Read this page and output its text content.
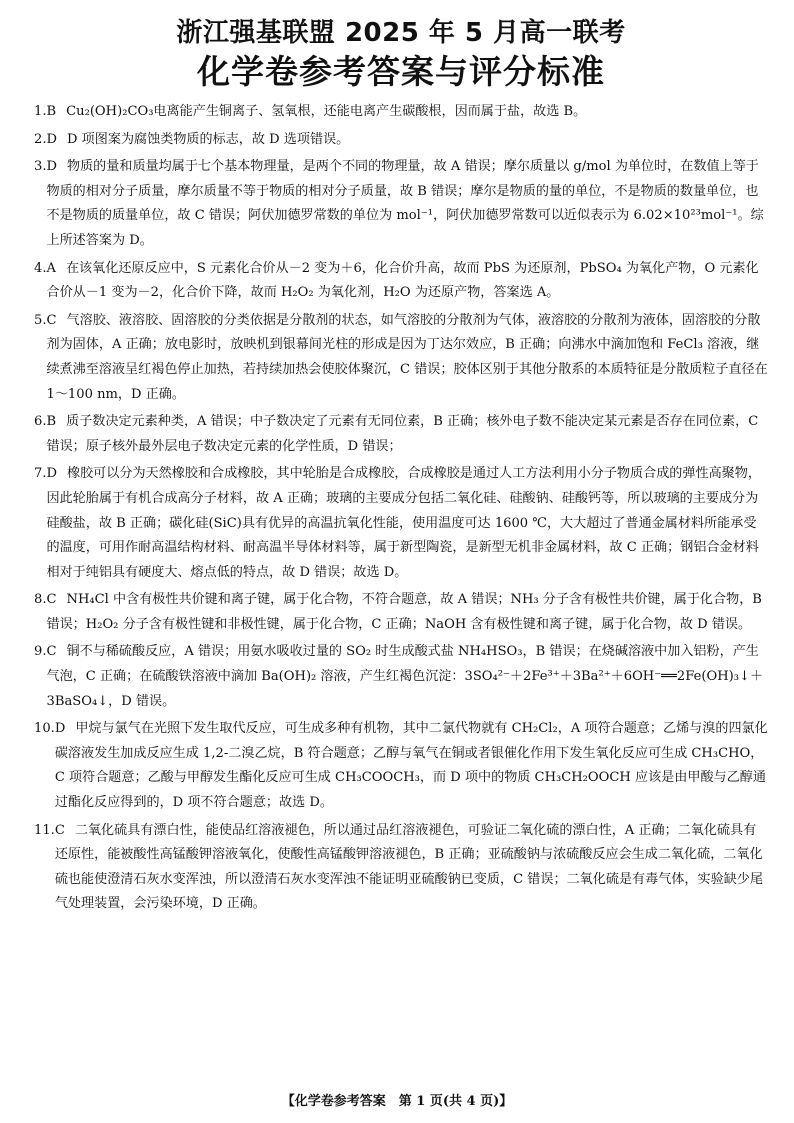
浙江强基联盟 2025 年 5 月高一联考
化学卷参考答案与评分标准
1. B Cu₂(OH)₂CO₃电离能产生铜离子、氢氧根，还能电离产生碳酸根，因而属于盐，故选 B。
2. D D 项图案为腐蚀类物质的标志，故 D 选项错误。
3. D 物质的量和质量均属于七个基本物理量，是两个不同的物理量，故 A 错误；摩尔质量以 g/mol 为单位时，在数值上等于物质的相对分子质量，摩尔质量不等于物质的相对分子质量，故 B 错误；摩尔是物质的量的单位，不是物质的数量单位，也不是物质的质量单位，故 C 错误；阿伏加德罗常数的单位为 mol⁻¹，阿伏加德罗常数可以近似表示为 6.02×10²³mol⁻¹。综上所述答案为 D。
4. A 在该氧化还原反应中，S 元素化合价从－2 变为＋6，化合价升高，故而 PbS 为还原剂，PbSO₄ 为氧化产物，O 元素化合价从－1 变为－2，化合价下降，故而 H₂O₂ 为氧化剂，H₂O 为还原产物，答案选 A。
5. C 气溶胶、液溶胶、固溶胶的分类依据是分散剂的状态，如气溶胶的分散剂为气体，液溶胶的分散剂为液体，固溶胶的分散剂为固体，A 正确；放电影时，放映机到银幕间光柱的形成是因为丁达尔效应，B 正确；向沸水中滴加饱和 FeCl₃ 溶液，继续煮沸至溶液呈红褐色停止加热，若持续加热会使胶体聚沉，C 错误；胶体区别于其他分散系的本质特征是分散质粒子直径在 1～100 nm，D 正确。
6. B 质子数决定元素种类，A 错误；中子数决定了元素有无同位素，B 正确；核外电子数不能决定某元素是否存在同位素，C 错误；原子核外最外层电子数决定元素的化学性质，D 错误；
7. D 橡胶可以分为天然橡胶和合成橡胶，其中轮胎是合成橡胶，合成橡胶是通过人工方法利用小分子物质合成的弹性高聚物，因此轮胎属于有机合成高分子材料，故 A 正确；玻璃的主要成分包括二氧化硅、硅酸钠、硅酸钙等，所以玻璃的主要成分为硅酸盐，故 B 正确；碳化硅(SiC)具有优异的高温抗氧化性能，使用温度可达 1600 ℃，大大超过了普通金属材料所能承受的温度，可用作耐高温结构材料、耐高温半导体材料等，属于新型陶瓷，是新型无机非金属材料，故 C 正确；钢铝合金材料相对于纯铝具有硬度大、熔点低的特点，故 D 错误；故选 D。
8. C NH₄Cl 中含有极性共价键和离子键，属于化合物，不符合题意，故 A 错误；NH₃ 分子含有极性共价键，属于化合物，B 错误；H₂O₂ 分子含有极性键和非极性键，属于化合物，C 正确；NaOH 含有极性键和离子键，属于化合物，故 D 错误。
9. C 铜不与稀硫酸反应，A 错误；用氨水吸收过量的 SO₂ 时生成酸式盐 NH₄HSO₃，B 错误；在烧碱溶液中加入铝粉，产生气泡，C 正确；在硫酸铁溶液中滴加 Ba(OH)₂ 溶液，产生红褐色沉淀：3SO₄²⁻＋2Fe³⁺＋3Ba²⁺＋6OH⁻══2Fe(OH)₃↓＋3BaSO₄↓，D 错误。
10. D 甲烷与氯气在光照下发生取代反应，可生成多种有机物，其中二氯代物就有 CH₂Cl₂，A 项符合题意；乙烯与溴的四氯化碳溶液发生加成反应生成 1,2-二溴乙烷，B 符合题意；乙醇与氧气在铜或者银催化作用下发生氧化反应可生成 CH₃CHO，C 项符合题意；乙酸与甲醇发生酯化反应可生成 CH₃COOCH₃，而 D 项中的物质 CH₃CH₂OOCH 应该是由甲酸与乙醇通过酯化反应得到的，D 项不符合题意；故选 D。
11. C 二氧化硫具有漂白性，能使品红溶液褪色，所以通过品红溶液褪色，可验证二氧化硫的漂白性，A 正确；二氧化硫具有还原性，能被酸性高锰酸钾溶液氧化，使酸性高锰酸钾溶液褪色，B 正确；亚硫酸钠与浓硫酸反应会生成二氧化硫，二氧化硫也能使澄清石灰水变浑浊，所以澄清石灰水变浑浊不能证明亚硫酸钠已变质，C 错误；二氧化硫是有毒气体，实验缺少尾气处理装置，会污染环境，D 正确。
【化学卷参考答案　第 1 页(共 4 页)】
